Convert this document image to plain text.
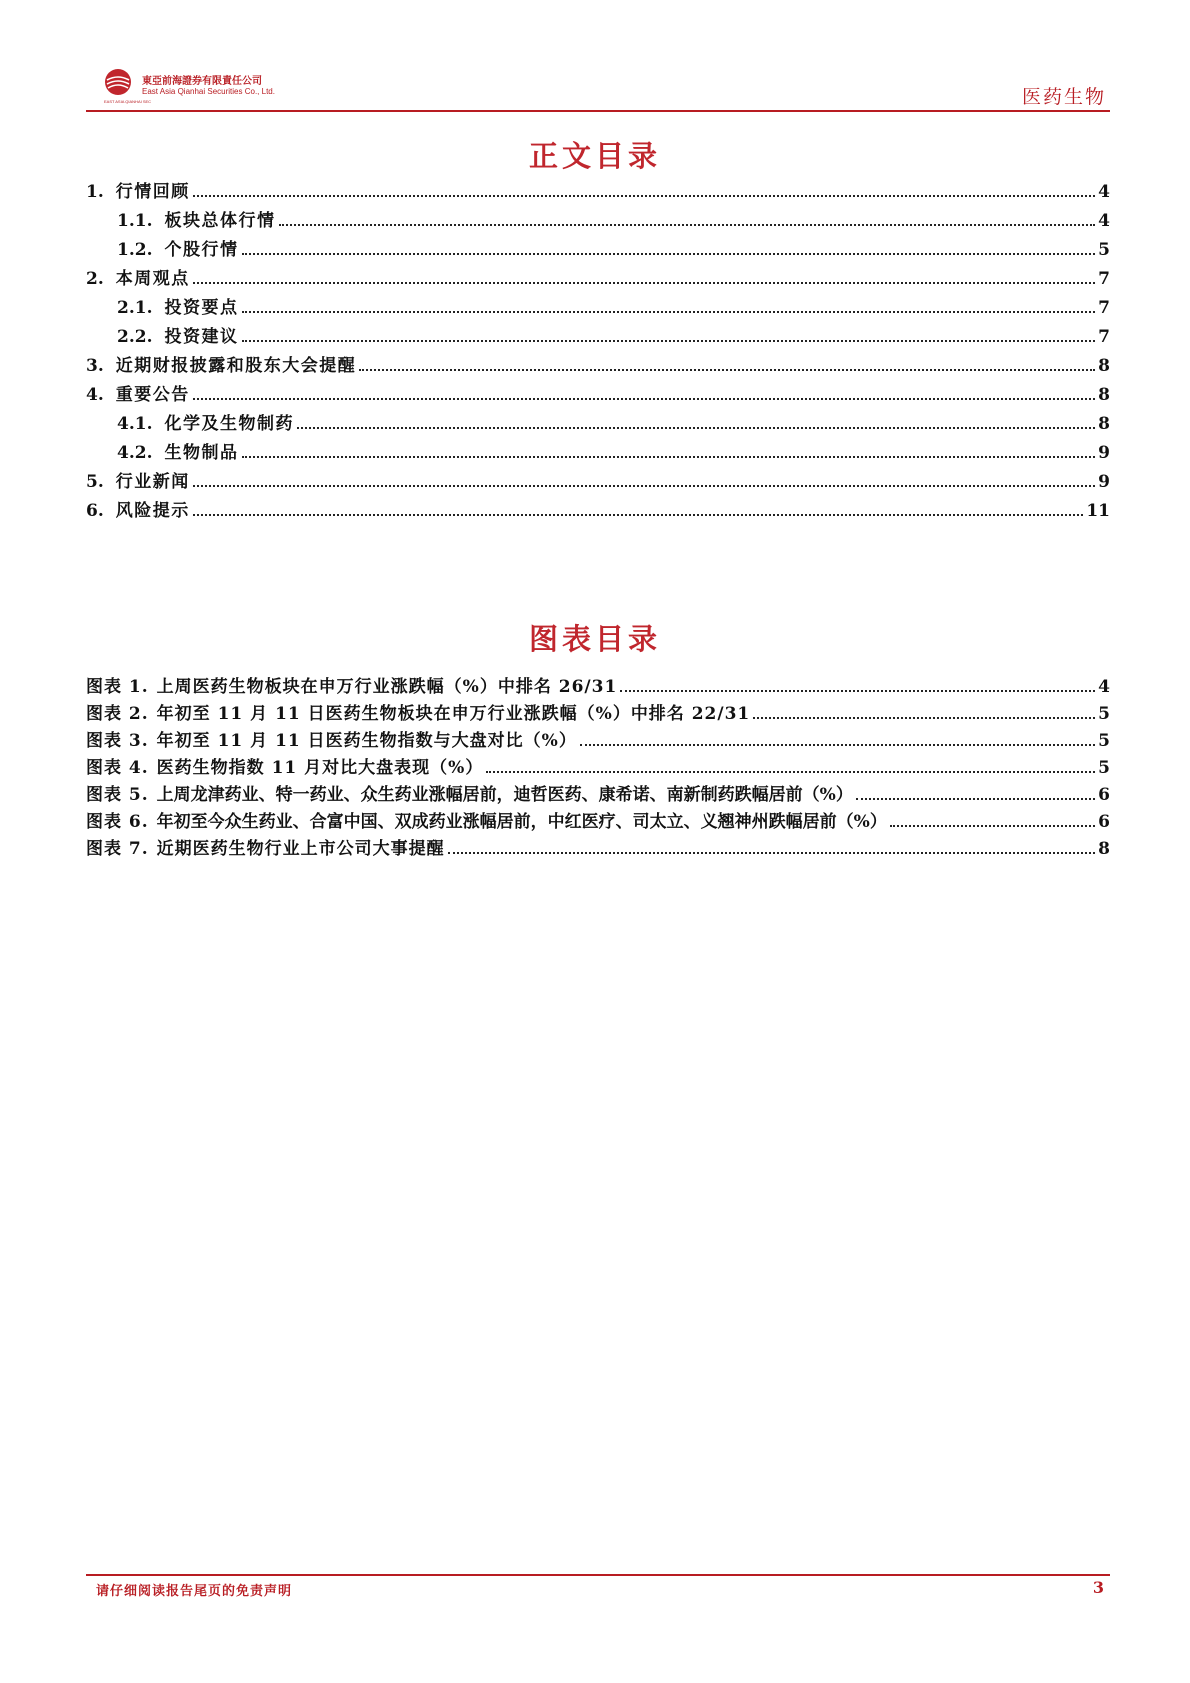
東亞前海證券有限責任公司
East Asia Qianhai Securities Co., Ltd.
EAST ASIA QIANHAI SEC	医药生物
正文目录
1. 行情回顾	4
1.1. 板块总体行情	4
1.2. 个股行情	5
2. 本周观点	7
2.1. 投资要点	7
2.2. 投资建议	7
3. 近期财报披露和股东大会提醒	8
4. 重要公告	8
4.1. 化学及生物制药	8
4.2. 生物制品	9
5. 行业新闻	9
6. 风险提示	11
图表目录
图表 1. 上周医药生物板块在申万行业涨跌幅（%）中排名 26/31	4
图表 2. 年初至 11 月 11 日医药生物板块在申万行业涨跌幅（%）中排名 22/31	5
图表 3. 年初至 11 月 11 日医药生物指数与大盘对比（%）	5
图表 4. 医药生物指数 11 月对比大盘表现（%）	5
图表 5. 上周龙津药业、特一药业、众生药业涨幅居前，迪哲医药、康希诺、南新制药跌幅居前（%）	6
图表 6. 年初至今众生药业、合富中国、双成药业涨幅居前，中红医疗、司太立、义翘神州跌幅居前（%）	6
图表 7. 近期医药生物行业上市公司大事提醒	8
请仔细阅读报告尾页的免责声明	3
